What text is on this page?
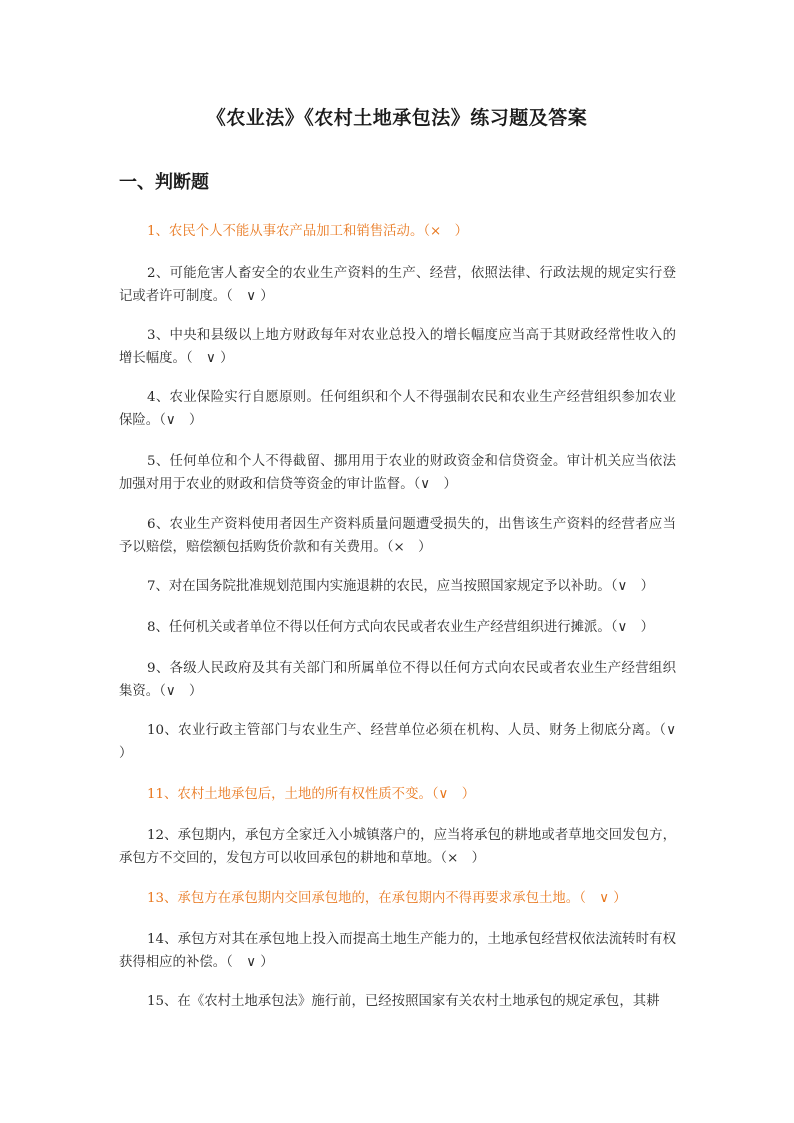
《农业法》《农村土地承包法》练习题及答案
一、判断题

1、农民个人不能从事农产品加工和销售活动。（×　）

2、可能危害人畜安全的农业生产资料的生产、经营，依照法律、行政法规的规定实行登记或者许可制度。（　∨ ）

3、中央和县级以上地方财政每年对农业总投入的增长幅度应当高于其财政经常性收入的增长幅度。（　∨ ）

4、农业保险实行自愿原则。任何组织和个人不得强制农民和农业生产经营组织参加农业保险。（∨　）

5、任何单位和个人不得截留、挪用用于农业的财政资金和信贷资金。审计机关应当依法加强对用于农业的财政和信贷等资金的审计监督。（∨　）

6、农业生产资料使用者因生产资料质量问题遭受损失的，出售该生产资料的经营者应当予以赔偿，赔偿额包括购货价款和有关费用。（×　）

7、对在国务院批准规划范围内实施退耕的农民，应当按照国家规定予以补助。（∨　）

8、任何机关或者单位不得以任何方式向农民或者农业生产经营组织进行摊派。（∨　）

9、各级人民政府及其有关部门和所属单位不得以任何方式向农民或者农业生产经营组织集资。（∨　）

10、农业行政主管部门与农业生产、经营单位必须在机构、人员、财务上彻底分离。（∨　）

11、农村土地承包后，土地的所有权性质不变。（∨　）

12、承包期内，承包方全家迁入小城镇落户的，应当将承包的耕地或者草地交回发包方，承包方不交回的，发包方可以收回承包的耕地和草地。（×　）

13、承包方在承包期内交回承包地的，在承包期内不得再要求承包土地。（　∨ ）

14、承包方对其在承包地上投入而提高土地生产能力的，土地承包经营权依法流转时有权获得相应的补偿。（　∨ ）

15、在《农村土地承包法》施行前，已经按照国家有关农村土地承包的规定承包，其耕
